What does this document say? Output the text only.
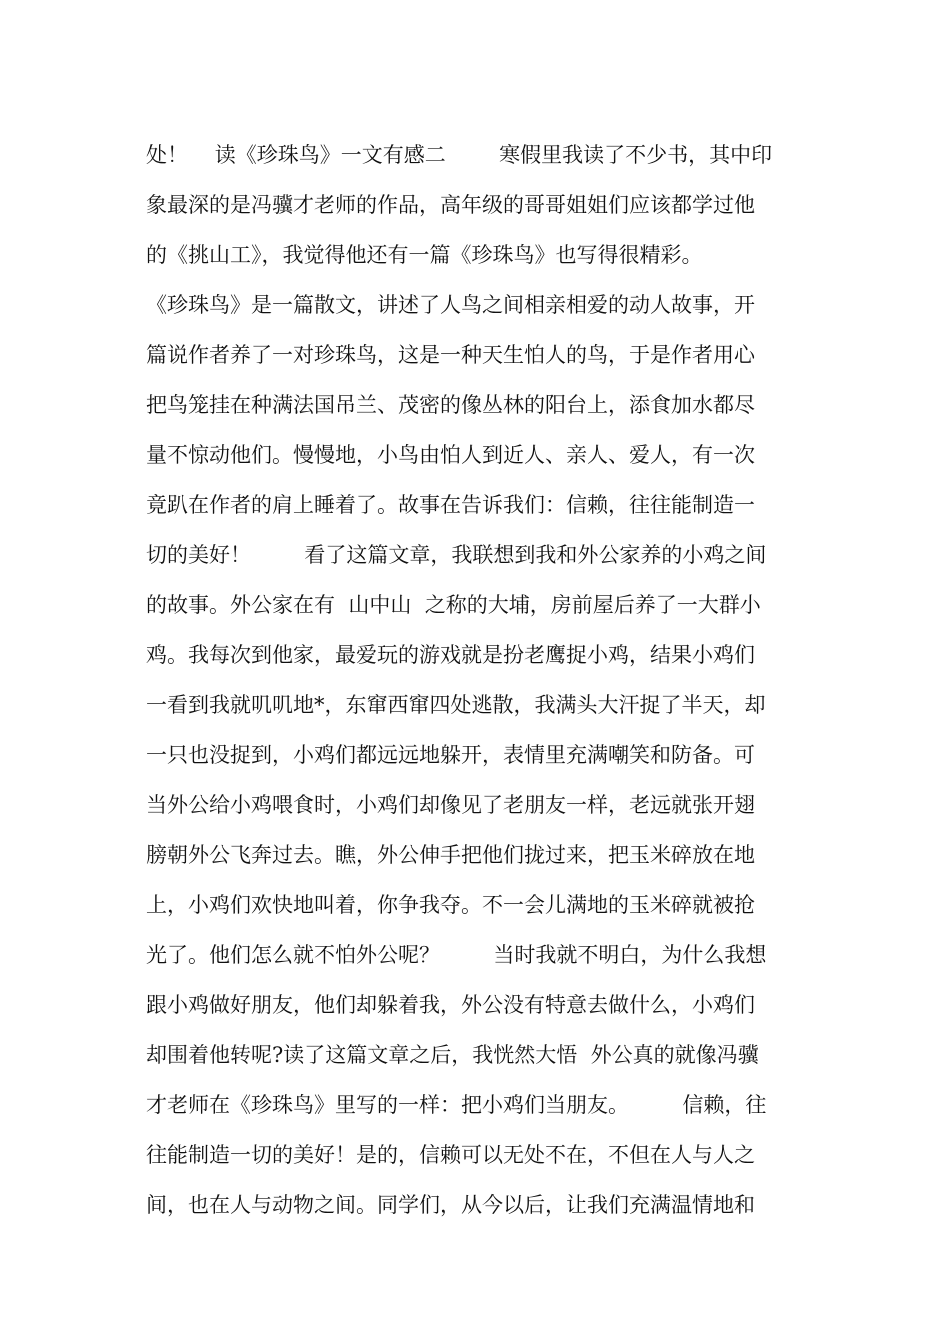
处！    读《珍珠鸟》一文有感二        寒假里我读了不少书，其中印
象最深的是冯骥才老师的作品，高年级的哥哥姐姐们应该都学过他
的《挑山工》，我觉得他还有一篇《珍珠鸟》也写得很精彩。
《珍珠鸟》是一篇散文，讲述了人鸟之间相亲相爱的动人故事，开
篇说作者养了一对珍珠鸟，这是一种天生怕人的鸟，于是作者用心
把鸟笼挂在种满法国吊兰、茂密的像丛林的阳台上，添食加水都尽
量不惊动他们。慢慢地，小鸟由怕人到近人、亲人、爱人，有一次
竟趴在作者的肩上睡着了。故事在告诉我们：信赖，往往能制造一
切的美好！        看了这篇文章，我联想到我和外公家养的小鸡之间
的故事。外公家在有  山中山  之称的大埔，房前屋后养了一大群小
鸡。我每次到他家，最爱玩的游戏就是扮老鹰捉小鸡，结果小鸡们
一看到我就叽叽地*，东窜西窜四处逃散，我满头大汗捉了半天，却
一只也没捉到，小鸡们都远远地躲开，表情里充满嘲笑和防备。可
当外公给小鸡喂食时，小鸡们却像见了老朋友一样，老远就张开翅
膀朝外公飞奔过去。瞧，外公伸手把他们拢过来，把玉米碎放在地
上，小鸡们欢快地叫着，你争我夺。不一会儿满地的玉米碎就被抢
光了。他们怎么就不怕外公呢？        当时我就不明白，为什么我想
跟小鸡做好朋友，他们却躲着我，外公没有特意去做什么，小鸡们
却围着他转呢?读了这篇文章之后，我恍然大悟  外公真的就像冯骥
才老师在《珍珠鸟》里写的一样：把小鸡们当朋友。        信赖，往
往能制造一切的美好！是的，信赖可以无处不在，不但在人与人之
间，也在人与动物之间。同学们，从今以后，让我们充满温情地和
